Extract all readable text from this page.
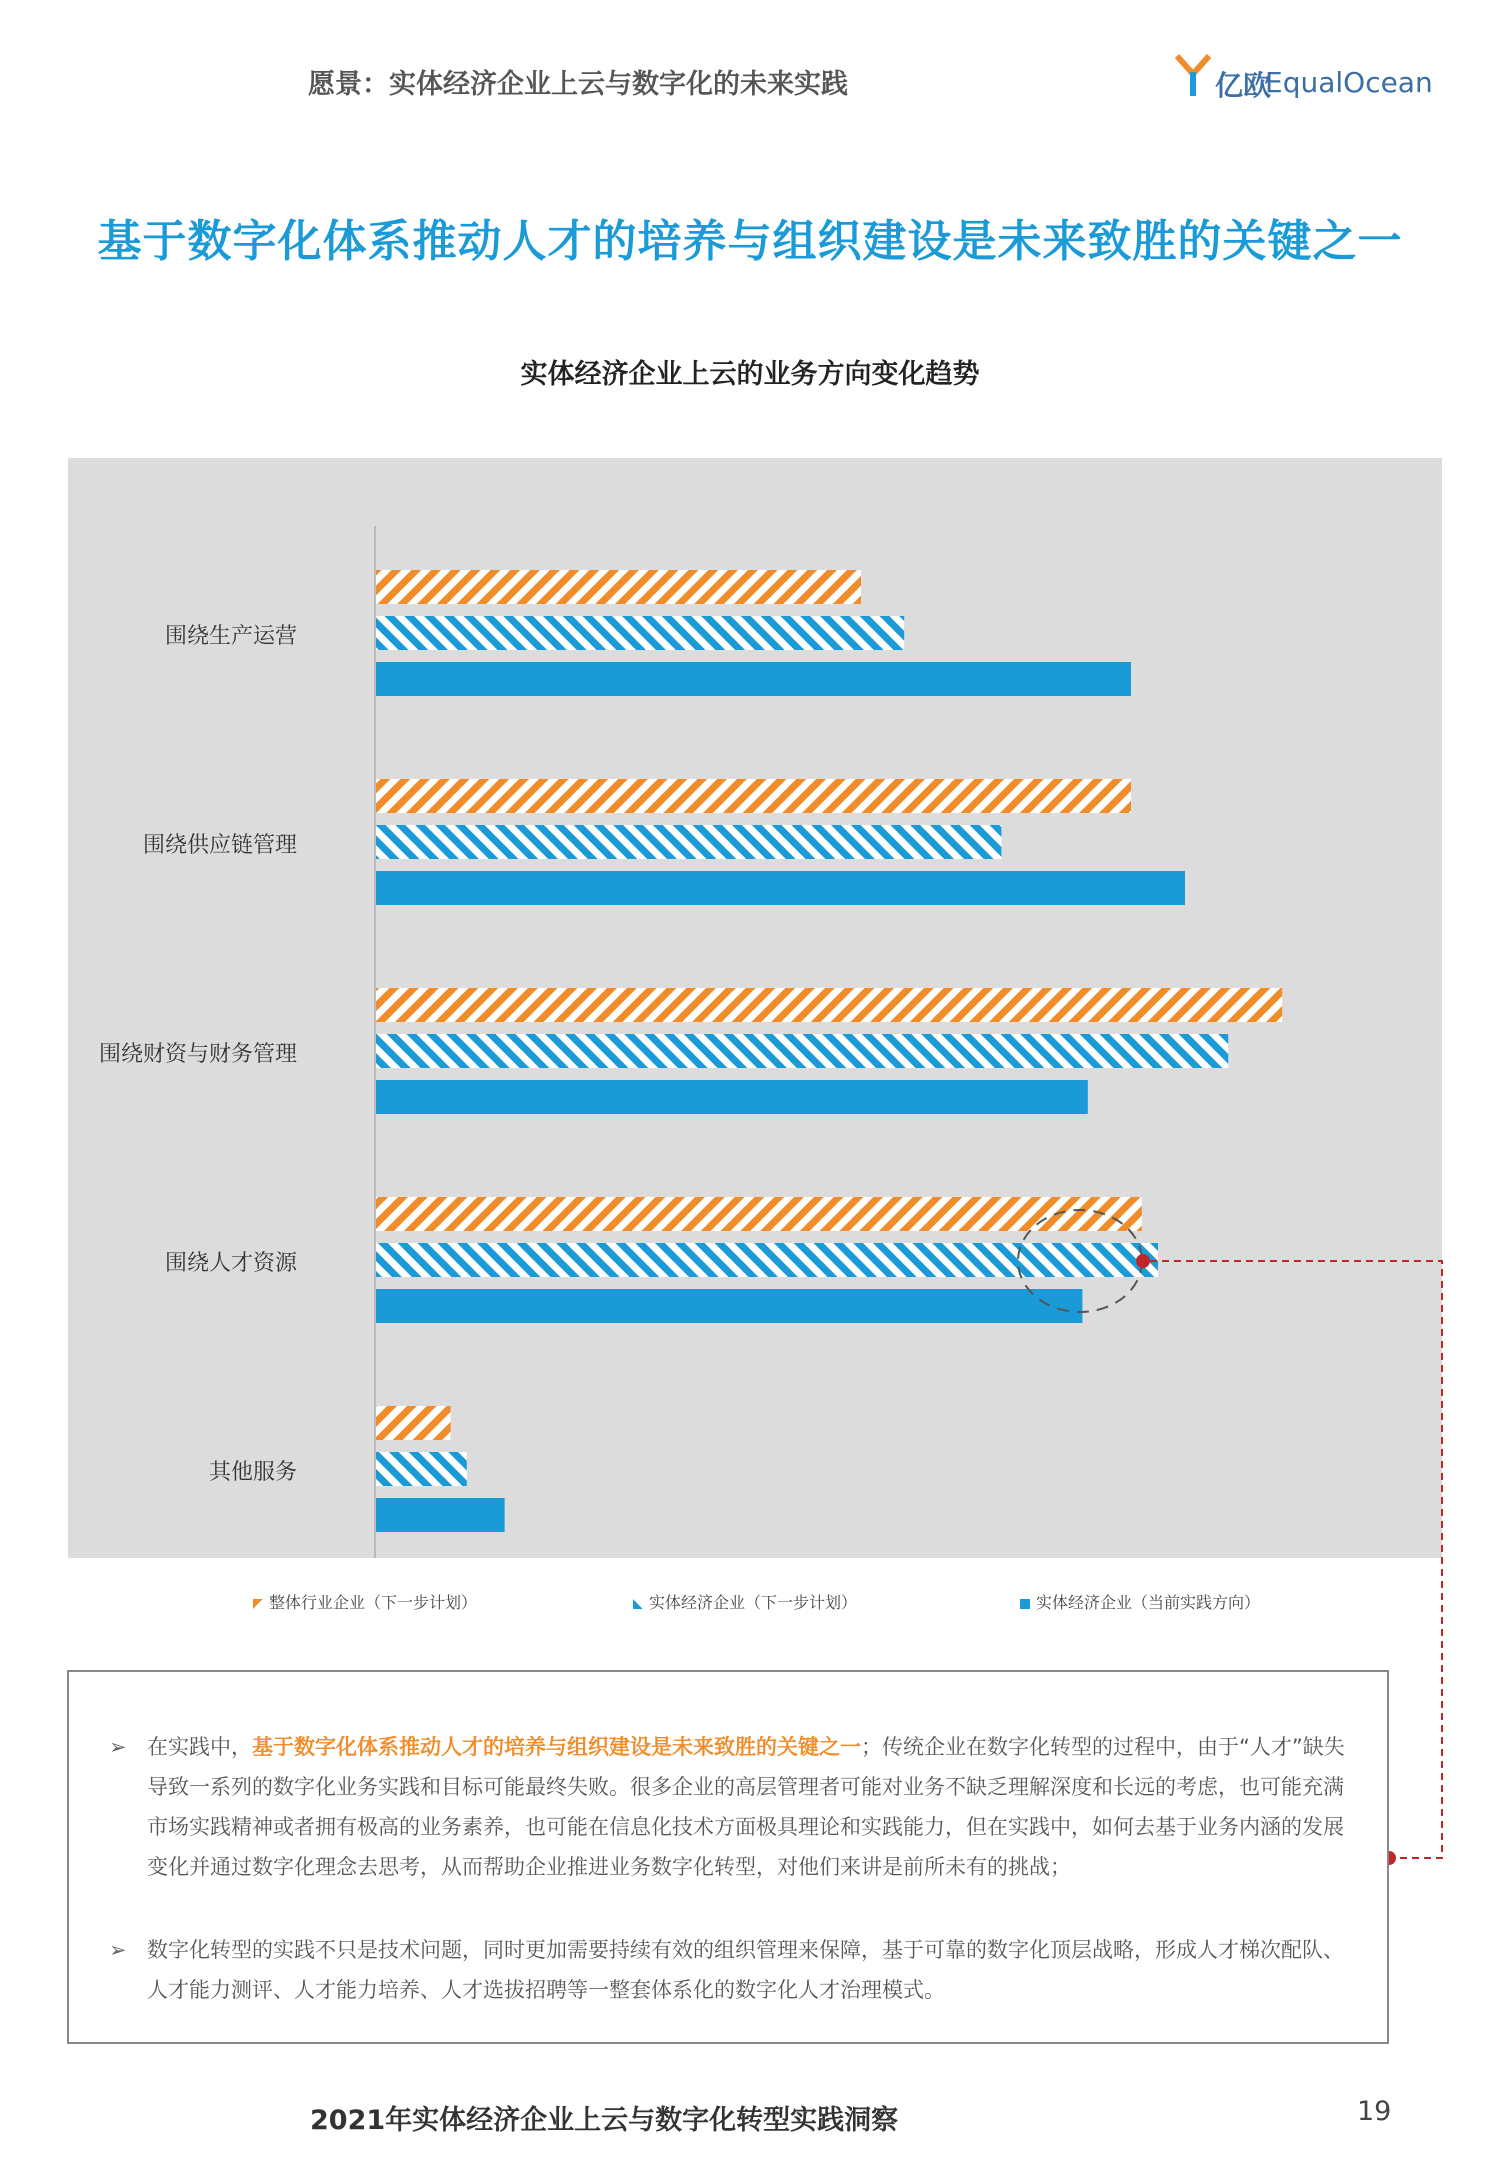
愿景：实体经济企业上云与数字化的未来实践	亿欧
EqualOcean
基于数字化体系推动人才的培养与组织建设是未来致胜的关键之一
实体经济企业上云的业务方向变化趋势
围绕生产运营
围绕供应链管理
围绕财资与财务管理
围绕人才资源
其他服务
整体行业企业（下一步计划）	实体经济企业（下一步计划）	实体经济企业（当前实践方向）
➢ 在实践中，基于数字化体系推动人才的培养与组织建设是未来致胜的关键之一；传统企业在数字化转型的过程中，由于“人才”缺失导致一系列的数字化业务实践和目标可能最终失败。很多企业的高层管理者可能对业务不缺乏理解深度和长远的考虑，也可能充满市场实践精神或者拥有极高的业务素养，也可能在信息化技术方面极具理论和实践能力，但在实践中，如何去基于业务内涵的发展变化并通过数字化理念去思考，从而帮助企业推进业务数字化转型，对他们来讲是前所未有的挑战；
➢ 数字化转型的实践不只是技术问题，同时更加需要持续有效的组织管理来保障，基于可靠的数字化顶层战略，形成人才梯次配队、人才能力测评、人才能力培养、人才选拔招聘等一整套体系化的数字化人才治理模式。
2021年实体经济企业上云与数字化转型实践洞察	19
